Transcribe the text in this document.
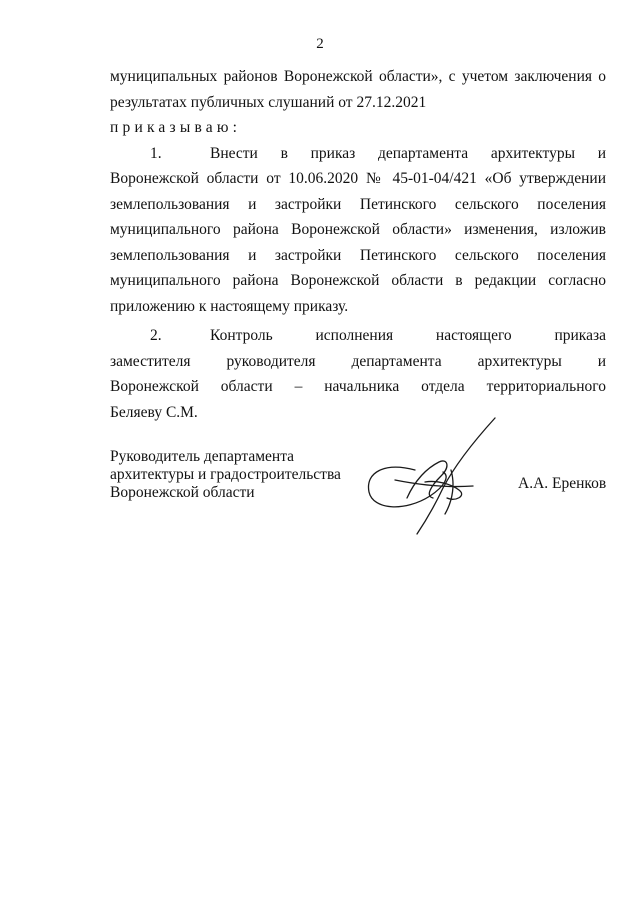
2
муниципальных районов Воронежской области», с учетом заключения о
результатах публичных слушаний от 27.12.2021
приказываю:
1.	Внести в приказ департамента архитектуры и
Воронежской области от 10.06.2020 № 45-01-04/421 «Об утверждении
землепользования и застройки Петинского сельского поселения
муниципального района Воронежской области» изменения, изложив
землепользования и застройки Петинского сельского поселения
муниципального района Воронежской области в редакции согласно
приложению к настоящему приказу.
2.	Контроль исполнения настоящего приказа
заместителя руководителя департамента архитектуры и
Воронежской области – начальника отдела территориального
Беляеву С.М.
Руководитель департамента
архитектуры и градостроительства
Воронежской области
А.А. Еренков
